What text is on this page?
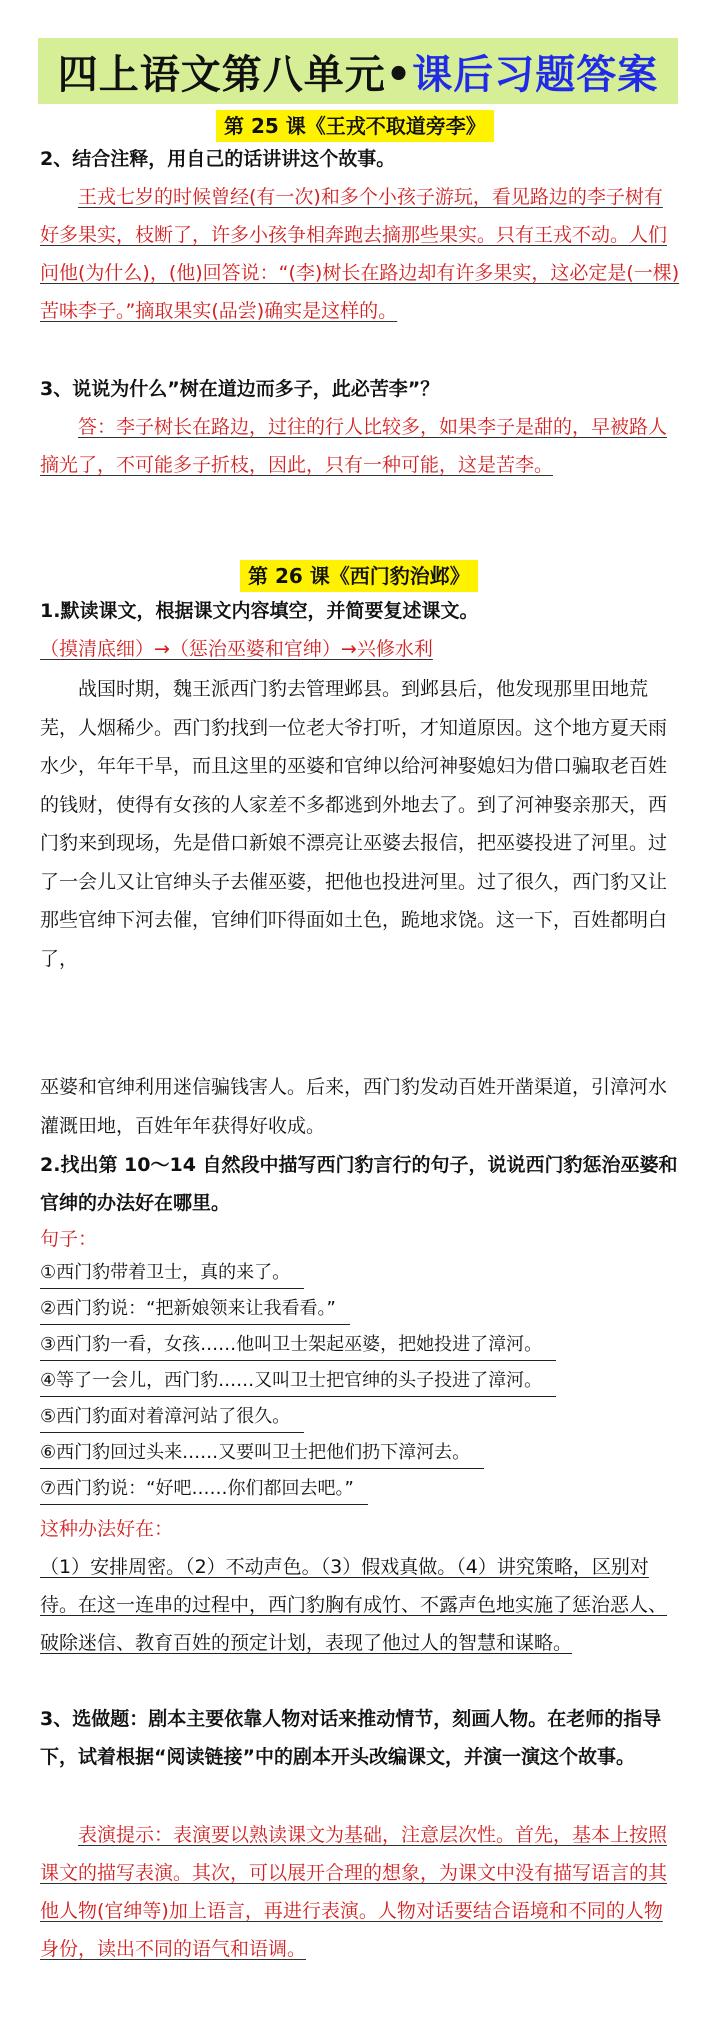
四上语文第八单元• 课后习题答案
第 25 课《王戎不取道旁李》
2、结合注释，用自己的话讲讲这个故事。
王戎七岁的时候曾经(有一次)和多个小孩子游玩，看见路边的李子树有好多果实，枝断了，许多小孩争相奔跑去摘那些果实。只有王戎不动。人们问他(为什么)，(他)回答说：“(李)树长在路边却有许多果实，这必定是(一棵)苦味李子。”摘取果实(品尝)确实是这样的。
3、说说为什么”树在道边而多子，此必苦李”？
答：李子树长在路边，过往的行人比较多，如果李子是甜的，早被路人摘光了，不可能多子折枝，因此，只有一种可能，这是苦李。
第 26 课《西门豹治邺》
1.默读课文，根据课文内容填空，并简要复述课文。
（摸清底细）→（惩治巫婆和官绅）→兴修水利
战国时期，魏王派西门豹去管理邺县。到邺县后，他发现那里田地荒芜，人烟稀少。西门豹找到一位老大爷打听，才知道原因。这个地方夏天雨水少，年年干旱，而且这里的巫婆和官绅以给河神娶媳妇为借口骗取老百姓的钱财，使得有女孩的人家差不多都逃到外地去了。到了河神娶亲那天，西门豹来到现场，先是借口新娘不漂亮让巫婆去报信，把巫婆投进了河里。过了一会儿又让官绅头子去催巫婆，把他也投进河里。过了很久，西门豹又让那些官绅下河去催，官绅们吓得面如土色，跪地求饶。这一下，百姓都明白了，
巫婆和官绅利用迷信骗钱害人。后来，西门豹发动百姓开凿渠道，引漳河水灌溉田地，百姓年年获得好收成。
2.找出第 10～14 自然段中描写西门豹言行的句子，说说西门豹惩治巫婆和官绅的办法好在哪里。
句子：
①西门豹带着卫士，真的来了。
②西门豹说：“把新娘领来让我看看。”
③西门豹一看，女孩……他叫卫士架起巫婆，把她投进了漳河。
④等了一会儿，西门豹……又叫卫士把官绅的头子投进了漳河。
⑤西门豹面对着漳河站了很久。
⑥西门豹回过头来……又要叫卫士把他们扔下漳河去。
⑦西门豹说：“好吧……你们都回去吧。”
这种办法好在：
（1）安排周密。（2）不动声色。（3）假戏真做。（4）讲究策略，区别对待。在这一连串的过程中，西门豹胸有成竹、不露声色地实施了惩治恶人、破除迷信、教育百姓的预定计划，表现了他过人的智慧和谋略。
3、选做题：剧本主要依靠人物对话来推动情节，刻画人物。在老师的指导下，试着根据“阅读链接”中的剧本开头改编课文，并演一演这个故事。
表演提示：表演要以熟读课文为基础，注意层次性。首先，基本上按照课文的描写表演。其次，可以展开合理的想象，为课文中没有描写语言的其他人物(官绅等)加上语言，再进行表演。人物对话要结合语境和不同的人物身份，读出不同的语气和语调。
